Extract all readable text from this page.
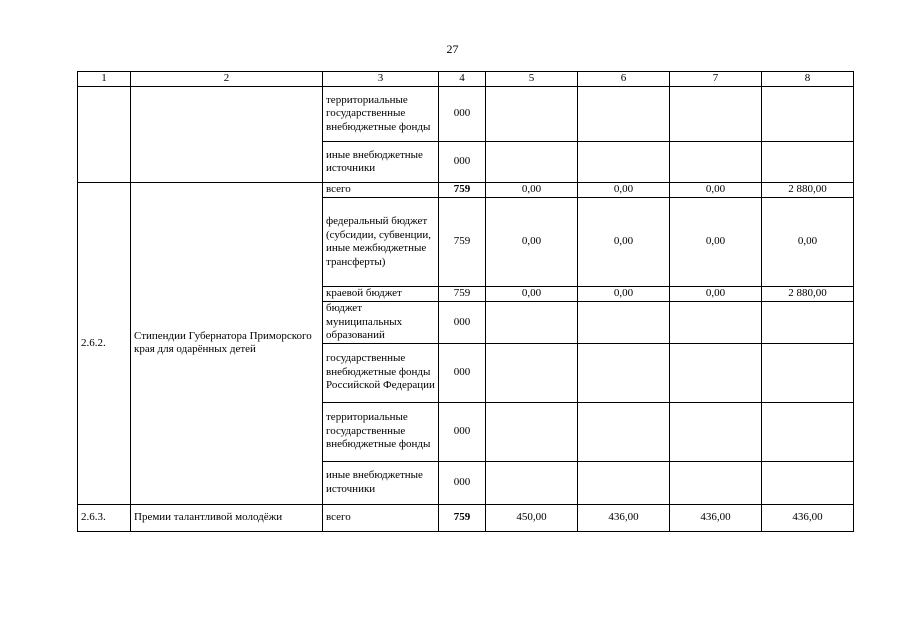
27
1	2	3	4	5	6	7	8
		территориальные государственные внебюджетные фонды	000				
		иные внебюджетные источники	000				
2.6.2.	Стипендии Губернатора Приморского края для одарённых детей	всего	759	0,00	0,00	0,00	2 880,00
		федеральный бюджет (субсидии, субвенции, иные межбюджетные трансферты)	759	0,00	0,00	0,00	0,00
		краевой бюджет	759	0,00	0,00	0,00	2 880,00
		бюджет муниципальных образований	000				
		государственные внебюджетные фонды Российской Федерации	000				
		территориальные государственные внебюджетные фонды	000				
		иные внебюджетные источники	000				
2.6.3.	Премии талантливой молодёжи	всего	759	450,00	436,00	436,00	436,00
